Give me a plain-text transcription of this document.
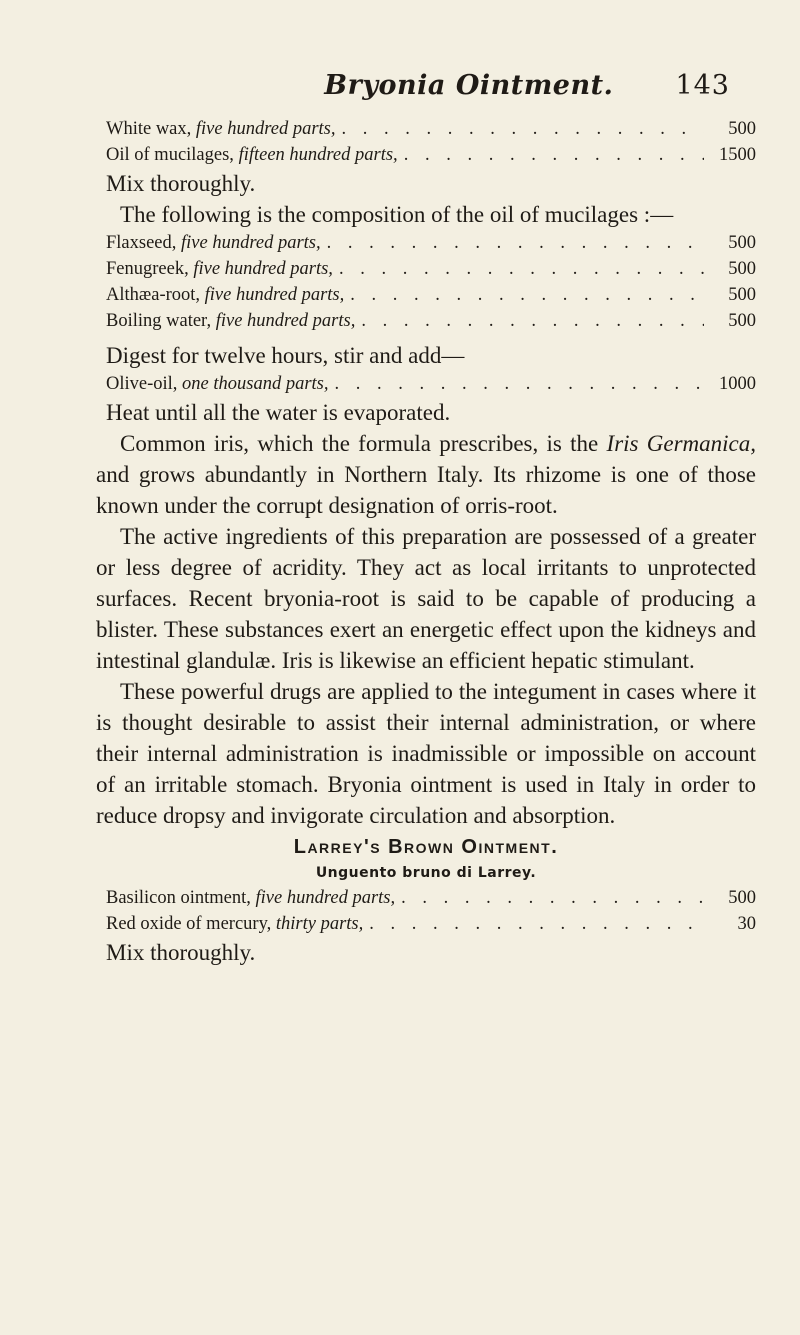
Bryonia Ointment. 143
White wax, five hundred parts, . . .	500
Oil of mucilages, fifteen hundred parts, . . .	1500
Mix thoroughly.

The following is the composition of the oil of mucilages :—

Flaxseed, five hundred parts, . . .	500
Fenugreek, five hundred parts, . . .	500
Althæa-root, five hundred parts, . . .	500
Boiling water, five hundred parts, . . .	500
Digest for twelve hours, stir and add—
Olive-oil, one thousand parts, . . .	1000
Heat until all the water is evaporated.

Common iris, which the formula prescribes, is the Iris Germanica, and grows abundantly in Northern Italy. Its rhizome is one of those known under the corrupt designation of orris-root.

The active ingredients of this preparation are possessed of a greater or less degree of acridity. They act as local irritants to unprotected surfaces. Recent bryonia-root is said to be capable of producing a blister. These substances exert an energetic effect upon the kidneys and intestinal glandulæ. Iris is likewise an efficient hepatic stimulant.

These powerful drugs are applied to the integument in cases where it is thought desirable to assist their internal administration, or where their internal administration is inadmissible or impossible on account of an irritable stomach. Bryonia ointment is used in Italy in order to reduce dropsy and invigorate circulation and absorption.

Larrey's Brown Ointment.
Unguento bruno di Larrey.
Basilicon ointment, five hundred parts, . . .	500
Red oxide of mercury, thirty parts, . . .	30
Mix thoroughly.
